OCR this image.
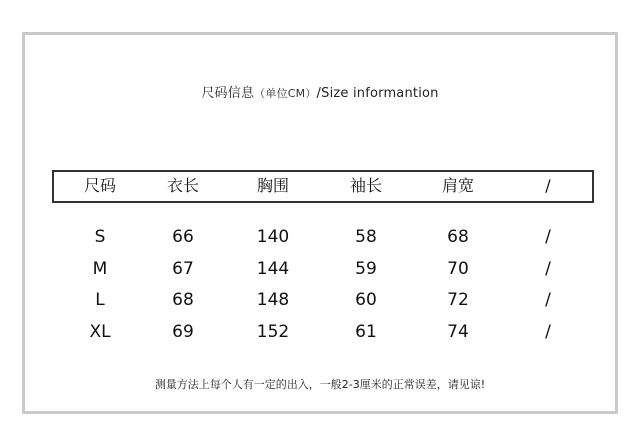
尺码信息（单位CM）/Size informantion
尺码	衣长	胸围	袖长	肩宽	/
S	66	140	58	68	/
M	67	144	59	70	/
L	68	148	60	72	/
XL	69	152	61	74	/
测量方法上每个人有一定的出入，一般2-3厘米的正常误差，请见谅!
